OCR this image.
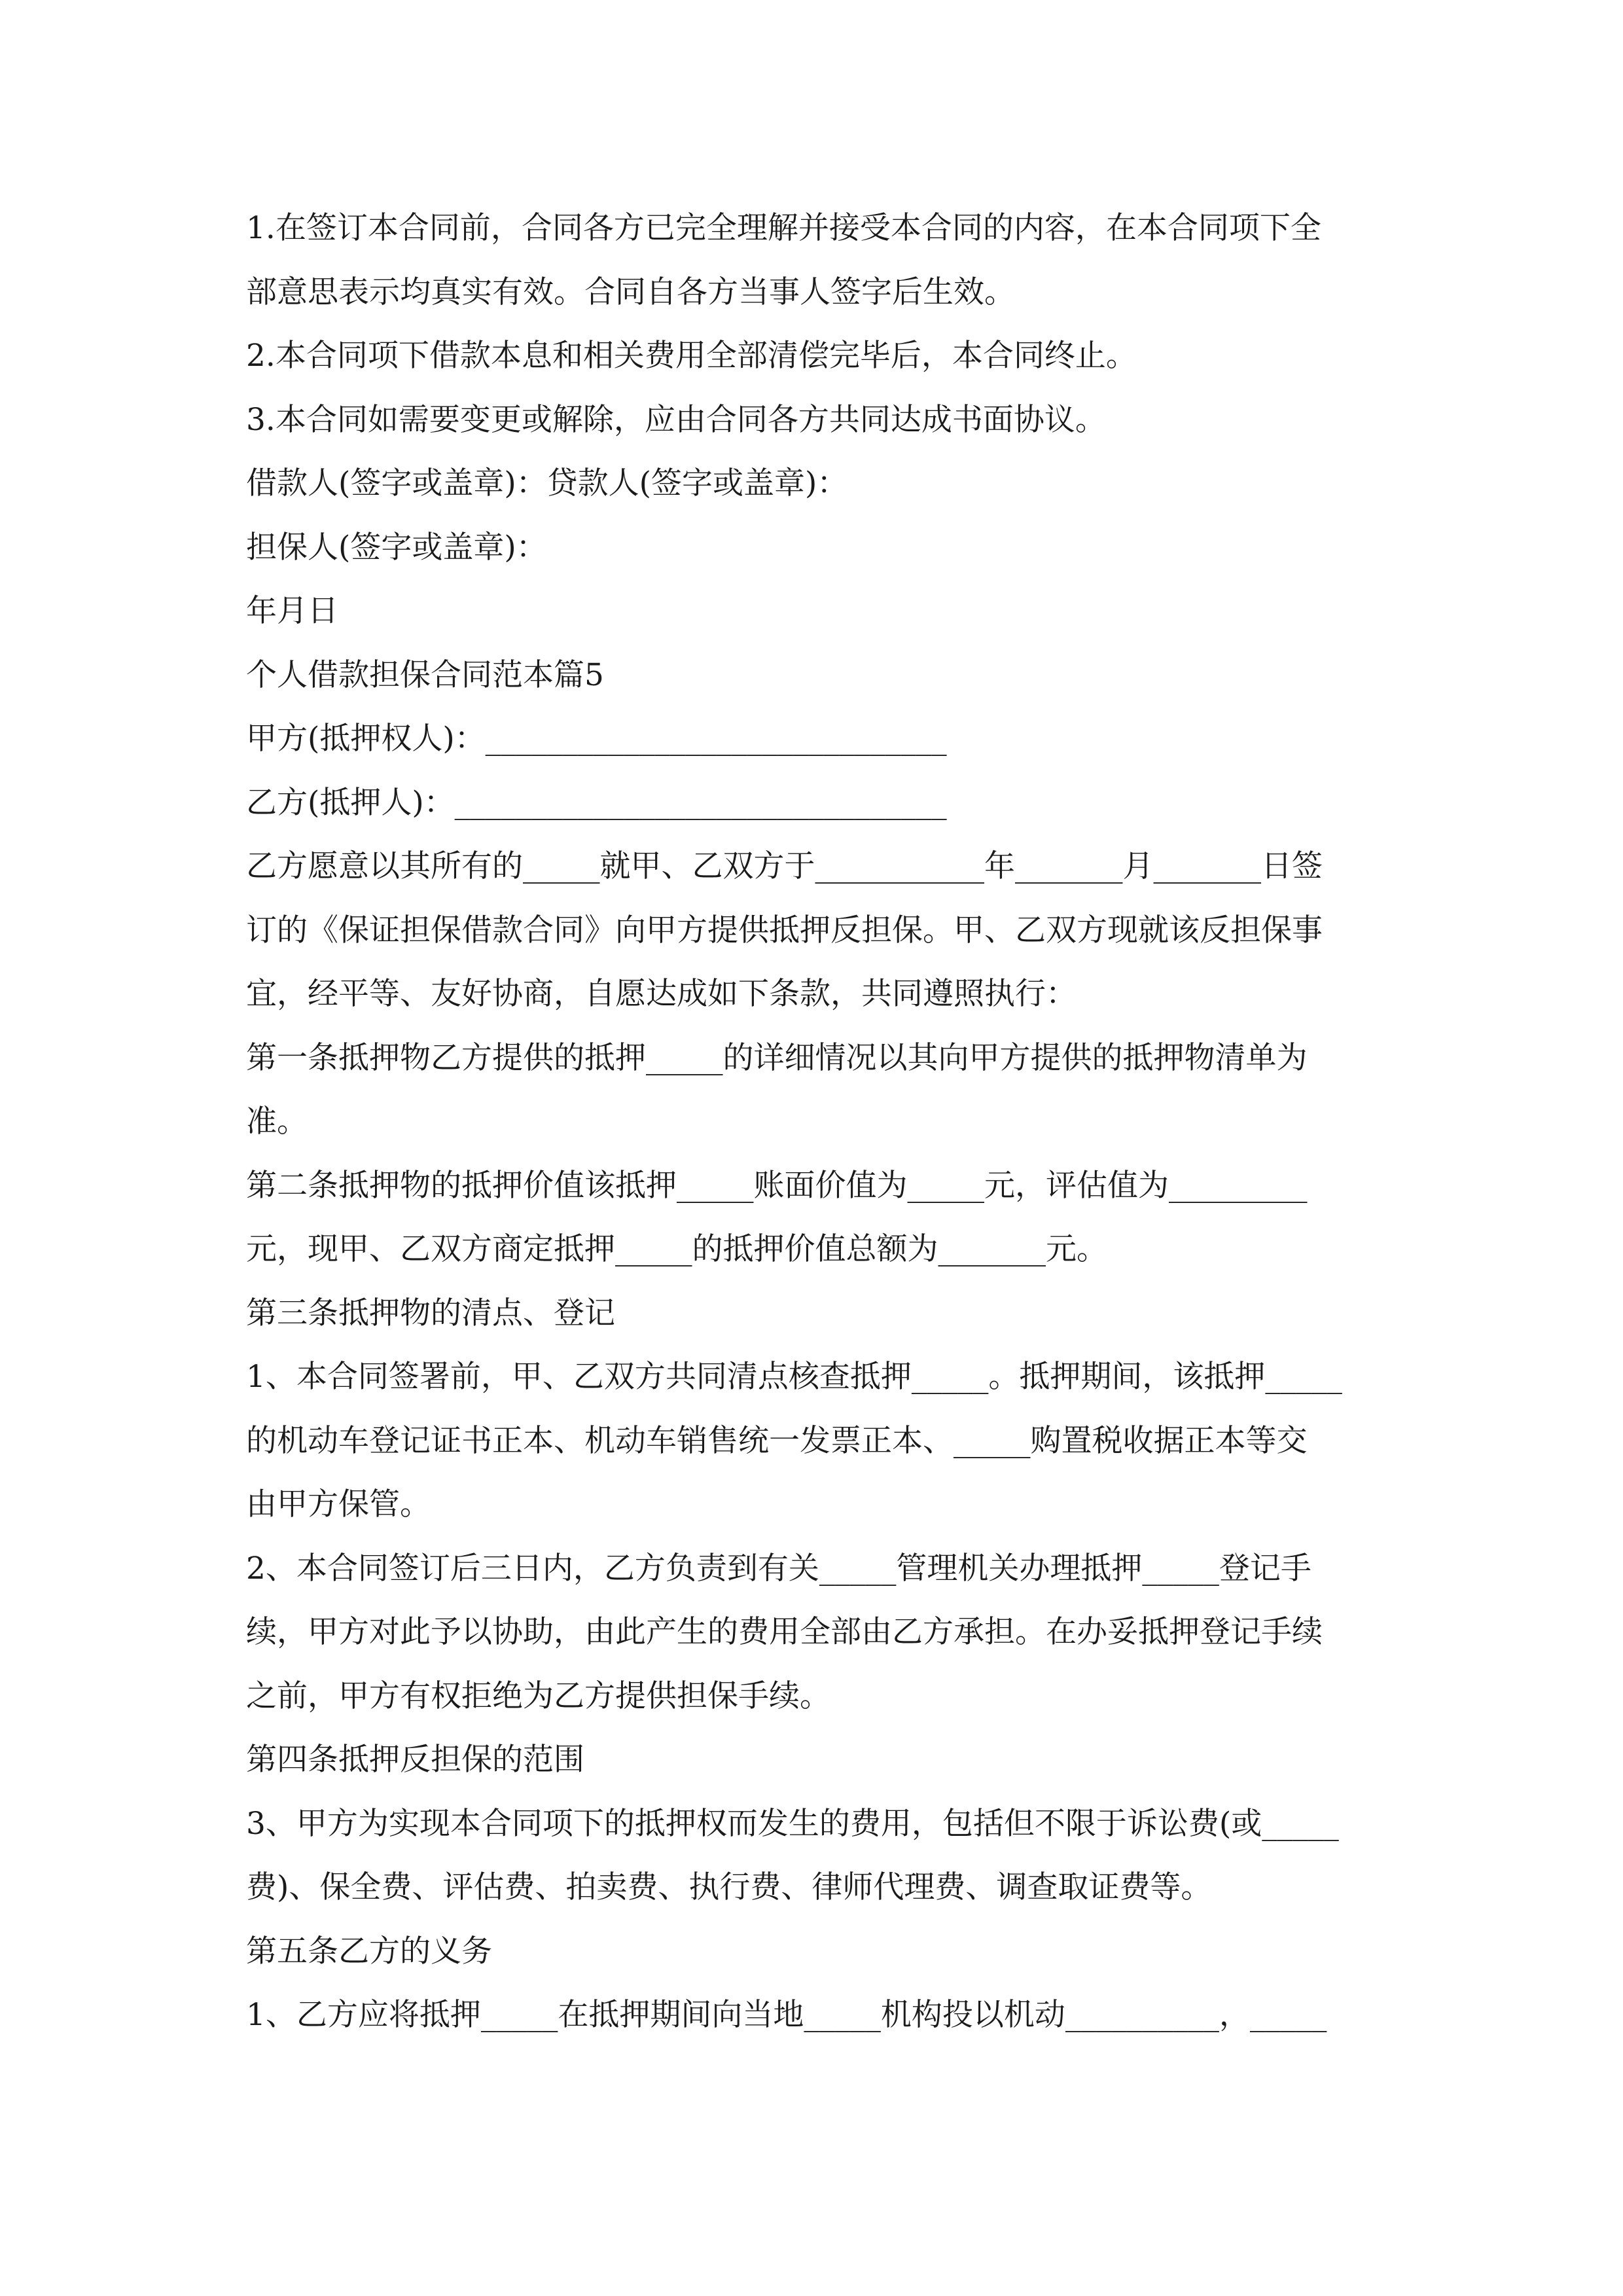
1.在签订本合同前，合同各方已完全理解并接受本合同的内容，在本合同项下全

部意思表示均真实有效。合同自各方当事人签字后生效。

2.本合同项下借款本息和相关费用全部清偿完毕后，本合同终止。

3.本合同如需要变更或解除，应由合同各方共同达成书面协议。

借款人(签字或盖章)：贷款人(签字或盖章)：

担保人(签字或盖章)：

年月日

个人借款担保合同范本篇5

甲方(抵押权人)：______________________________

乙方(抵押人)：________________________________

乙方愿意以其所有的_____就甲、乙双方于___________年_______月_______日签

订的《保证担保借款合同》向甲方提供抵押反担保。甲、乙双方现就该反担保事

宜，经平等、友好协商，自愿达成如下条款，共同遵照执行：

第一条抵押物乙方提供的抵押_____的详细情况以其向甲方提供的抵押物清单为

准。

第二条抵押物的抵押价值该抵押_____账面价值为_____元，评估值为_________

元，现甲、乙双方商定抵押_____的抵押价值总额为_______元。

第三条抵押物的清点、登记

1、本合同签署前，甲、乙双方共同清点核查抵押_____。抵押期间，该抵押_____

的机动车登记证书正本、机动车销售统一发票正本、_____购置税收据正本等交

由甲方保管。

2、本合同签订后三日内，乙方负责到有关_____管理机关办理抵押_____登记手

续，甲方对此予以协助，由此产生的费用全部由乙方承担。在办妥抵押登记手续

之前，甲方有权拒绝为乙方提供担保手续。

第四条抵押反担保的范围

3、甲方为实现本合同项下的抵押权而发生的费用，包括但不限于诉讼费(或_____

费)、保全费、评估费、拍卖费、执行费、律师代理费、调查取证费等。

第五条乙方的义务

1、乙方应将抵押_____在抵押期间向当地_____机构投以机动__________，_____
